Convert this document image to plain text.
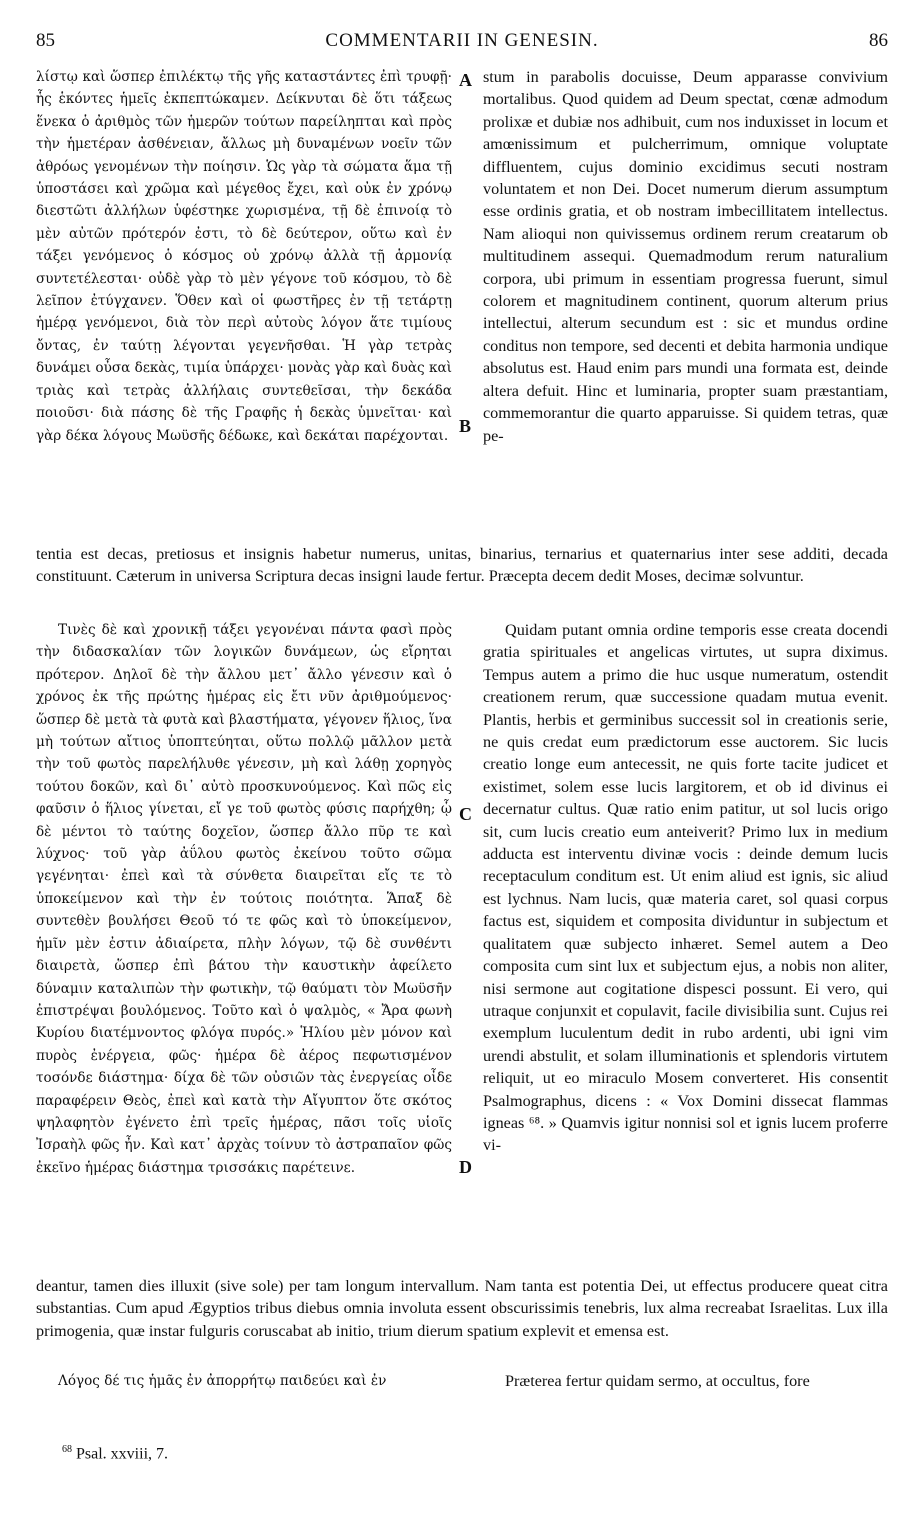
85	COMMENTARII IN GENESIN.	86

λίστῳ καὶ ὥσπερ ἐπιλέκτῳ τῆς γῆς καταστάντες ἐπὶ τρυφῇ· ἧς ἑκόντες ἡμεῖς ἐκπεπτώκαμεν. Δείκνυται δὲ ὅτι τάξεως ἕνεκα ὁ ἀριθμὸς τῶν ἡμερῶν τούτων παρείληπται καὶ πρὸς τὴν ἡμετέραν ἀσθένειαν, ἄλλως μὴ δυναμένων νοεῖν τῶν ἀθρόως γενομένων τὴν ποίησιν. Ὡς γὰρ τὰ σώματα ἅμα τῇ ὑποστάσει καὶ χρῶμα καὶ μέγεθος ἔχει, καὶ οὐκ ἐν χρόνῳ διεστῶτι ἀλλήλων ὑφέστηκε χωρισμένα, τῇ δὲ ἐπινοίᾳ τὸ μὲν αὐτῶν πρότερόν ἐστι, τὸ δὲ δεύτερον, οὕτω καὶ ἐν τάξει γενόμενος ὁ κόσμος οὐ χρόνῳ ἀλλὰ τῇ ἁρμονίᾳ συντετέλεσται· οὐδὲ γὰρ τὸ μὲν γέγονε τοῦ κόσμου, τὸ δὲ λεῖπον ἐτύγχανεν. Ὅθεν καὶ οἱ φωστῆρες ἐν τῇ τετάρτῃ ἡμέρᾳ γενόμενοι, διὰ τὸν περὶ αὐτοὺς λόγον ἅτε τιμίους ὄντας, ἐν ταύτῃ λέγονται γεγενῆσθαι. Ἡ γὰρ τετρὰς δυνάμει οὖσα δεκὰς, τιμία ὑπάρχει· μονὰς γὰρ καὶ δυὰς καὶ τριὰς καὶ τετρὰς ἀλλήλαις συντεθεῖσαι, τὴν δεκάδα ποιοῦσι· διὰ πάσης δὲ τῆς Γραφῆς ἡ δεκὰς ὑμνεῖται· καὶ γὰρ δέκα λόγους Μωϋσῆς δέδωκε, καὶ δεκάται παρέχονται.

stum in parabolis docuisse, Deum apparasse convivium mortalibus. Quod quidem ad Deum spectat, cœnæ admodum prolixæ et dubiæ nos adhibuit, cum nos induxisset in locum et amœnissimum et pulcherrimum, omnique voluptate diffluentem, cujus dominio excidimus secuti nostram voluntatem et non Dei. Docet numerum dierum assumptum esse ordinis gratia, et ob nostram imbecillitatem intellectus. Nam alioqui non quivissemus ordinem rerum creatarum ob multitudinem assequi. Quemadmodum rerum naturalium corpora, ubi primum in essentiam progressa fuerunt, simul colorem et magnitudinem continent, quorum alterum prius intellectui, alterum secundum est : sic et mundus ordine conditus non tempore, sed decenti et debita harmonia undique absolutus est. Haud enim pars mundi una formata est, deinde altera defuit. Hinc et luminaria, propter suam præstantiam, commemorantur die quarto apparuisse. Si quidem tetras, quæ pe-

tentia est decas, pretiosus et insignis habetur numerus, unitas, binarius, ternarius et quaternarius inter sese additi, decada constituunt. Cæterum in universa Scriptura decas insigni laude fertur. Præcepta decem dedit Moses, decimæ solvuntur.

Τινὲς δὲ καὶ χρονικῇ τάξει γεγονέναι πάντα φασὶ πρὸς τὴν διδασκαλίαν τῶν λογικῶν δυνάμεων, ὡς εἴρηται πρότερον. Δηλοῖ δὲ τὴν ἄλλου μετ᾽ ἄλλο γένεσιν καὶ ὁ χρόνος ἐκ τῆς πρώτης ἡμέρας εἰς ἔτι νῦν ἀριθμούμενος· ὥσπερ δὲ μετὰ τὰ φυτὰ καὶ βλαστήματα, γέγονεν ἥλιος, ἵνα μὴ τούτων αἴτιος ὑποπτεύηται, οὕτω πολλῷ μᾶλλον μετὰ τὴν τοῦ φωτὸς παρελήλυθε γένεσιν, μὴ καὶ λάθῃ χορηγὸς τούτου δοκῶν, καὶ δι᾽ αὐτὸ προσκυνούμενος. Καὶ πῶς εἰς φαῦσιν ὁ ἥλιος γίνεται, εἴ γε τοῦ φωτὸς φύσις παρήχθη; ᾧ δὲ μέντοι τὸ ταύτης δοχεῖον, ὥσπερ ἄλλο πῦρ τε καὶ λύχνος· τοῦ γὰρ ἀΰλου φωτὸς ἐκείνου τοῦτο σῶμα γεγένηται· ἐπεὶ καὶ τὰ σύνθετα διαιρεῖται εἴς τε τὸ ὑποκείμενον καὶ τὴν ἐν τούτοις ποιότητα. Ἅπαξ δὲ συντεθὲν βουλήσει Θεοῦ τό τε φῶς καὶ τὸ ὑποκείμενον, ἡμῖν μὲν ἐστιν ἀδιαίρετα, πλὴν λόγων, τῷ δὲ συνθέντι διαιρετὰ, ὥσπερ ἐπὶ βάτου τὴν καυστικὴν ἀφείλετο δύναμιν καταλιπὼν τὴν φωτικὴν, τῷ θαύματι τὸν Μωϋσῆν ἐπιστρέψαι βουλόμενος. Τοῦτο καὶ ὁ ψαλμὸς, « Ἄρα φωνὴ Κυρίου διατέμνοντος φλόγα πυρός.» Ἡλίου μὲν μόνον καὶ πυρὸς ἐνέργεια, φῶς· ἡμέρα δὲ ἀέρος πεφωτισμένον τοσόνδε διάστημα· δίχα δὲ τῶν οὐσιῶν τὰς ἐνεργείας οἶδε παραφέρειν Θεὸς, ἐπεὶ καὶ κατὰ τὴν Αἴγυπτον ὅτε σκότος ψηλαφητὸν ἐγένετο ἐπὶ τρεῖς ἡμέρας, πᾶσι τοῖς υἱοῖς Ἰσραὴλ φῶς ἦν. Καὶ κατ᾽ ἀρχὰς τοίνυν τὸ ἀστραπαῖον φῶς ἐκεῖνο ἡμέρας διάστημα τρισσάκις παρέτεινε.

Quidam putant omnia ordine temporis esse creata docendi gratia spirituales et angelicas virtutes, ut supra diximus. Tempus autem a primo die huc usque numeratum, ostendit creationem rerum, quæ successione quadam mutua evenit. Plantis, herbis et germinibus successit sol in creationis serie, ne quis credat eum prædictorum esse auctorem. Sic lucis creatio longe eum antecessit, ne quis forte tacite judicet et existimet, solem esse lucis largitorem, et ob id divinus ei decernatur cultus. Quæ ratio enim patitur, ut sol lucis origo sit, cum lucis creatio eum anteiverit? Primo lux in medium adducta est interventu divinæ vocis : deinde demum lucis receptaculum conditum est. Ut enim aliud est ignis, sic aliud est lychnus. Nam lucis, quæ materia caret, sol quasi corpus factus est, siquidem et composita dividuntur in subjectum et qualitatem quæ subjecto inhæret. Semel autem a Deo composita cum sint lux et subjectum ejus, a nobis non aliter, nisi sermone aut cogitatione dispesci possunt. Ei vero, qui utraque conjunxit et copulavit, facile divisibilia sunt. Cujus rei exemplum luculentum dedit in rubo ardenti, ubi igni vim urendi abstulit, et solam illuminationis et splendoris virtutem reliquit, ut eo miraculo Mosem converteret. His consentit Psalmographus, dicens : « Vox Domini dissecat flammas igneas ⁶⁸. » Quamvis igitur nonnisi sol et ignis lucem proferre vi-

deantur, tamen dies illuxit (sive sole) per tam longum intervallum. Nam tanta est potentia Dei, ut effectus producere queat citra substantias. Cum apud Ægyptios tribus diebus omnia involuta essent obscurissimis tenebris, lux alma recreabat Israelitas. Lux illa primogenia, quæ instar fulguris coruscabat ab initio, trium dierum spatium explevit et emensa est.

Λόγος δέ τις ἡμᾶς ἐν ἀπορρήτῳ παιδεύει καὶ ἐν	Præterea fertur quidam sermo, at occultus, fore

A
B
C
D
$^{68}$ Psal. xxviii, 7.
